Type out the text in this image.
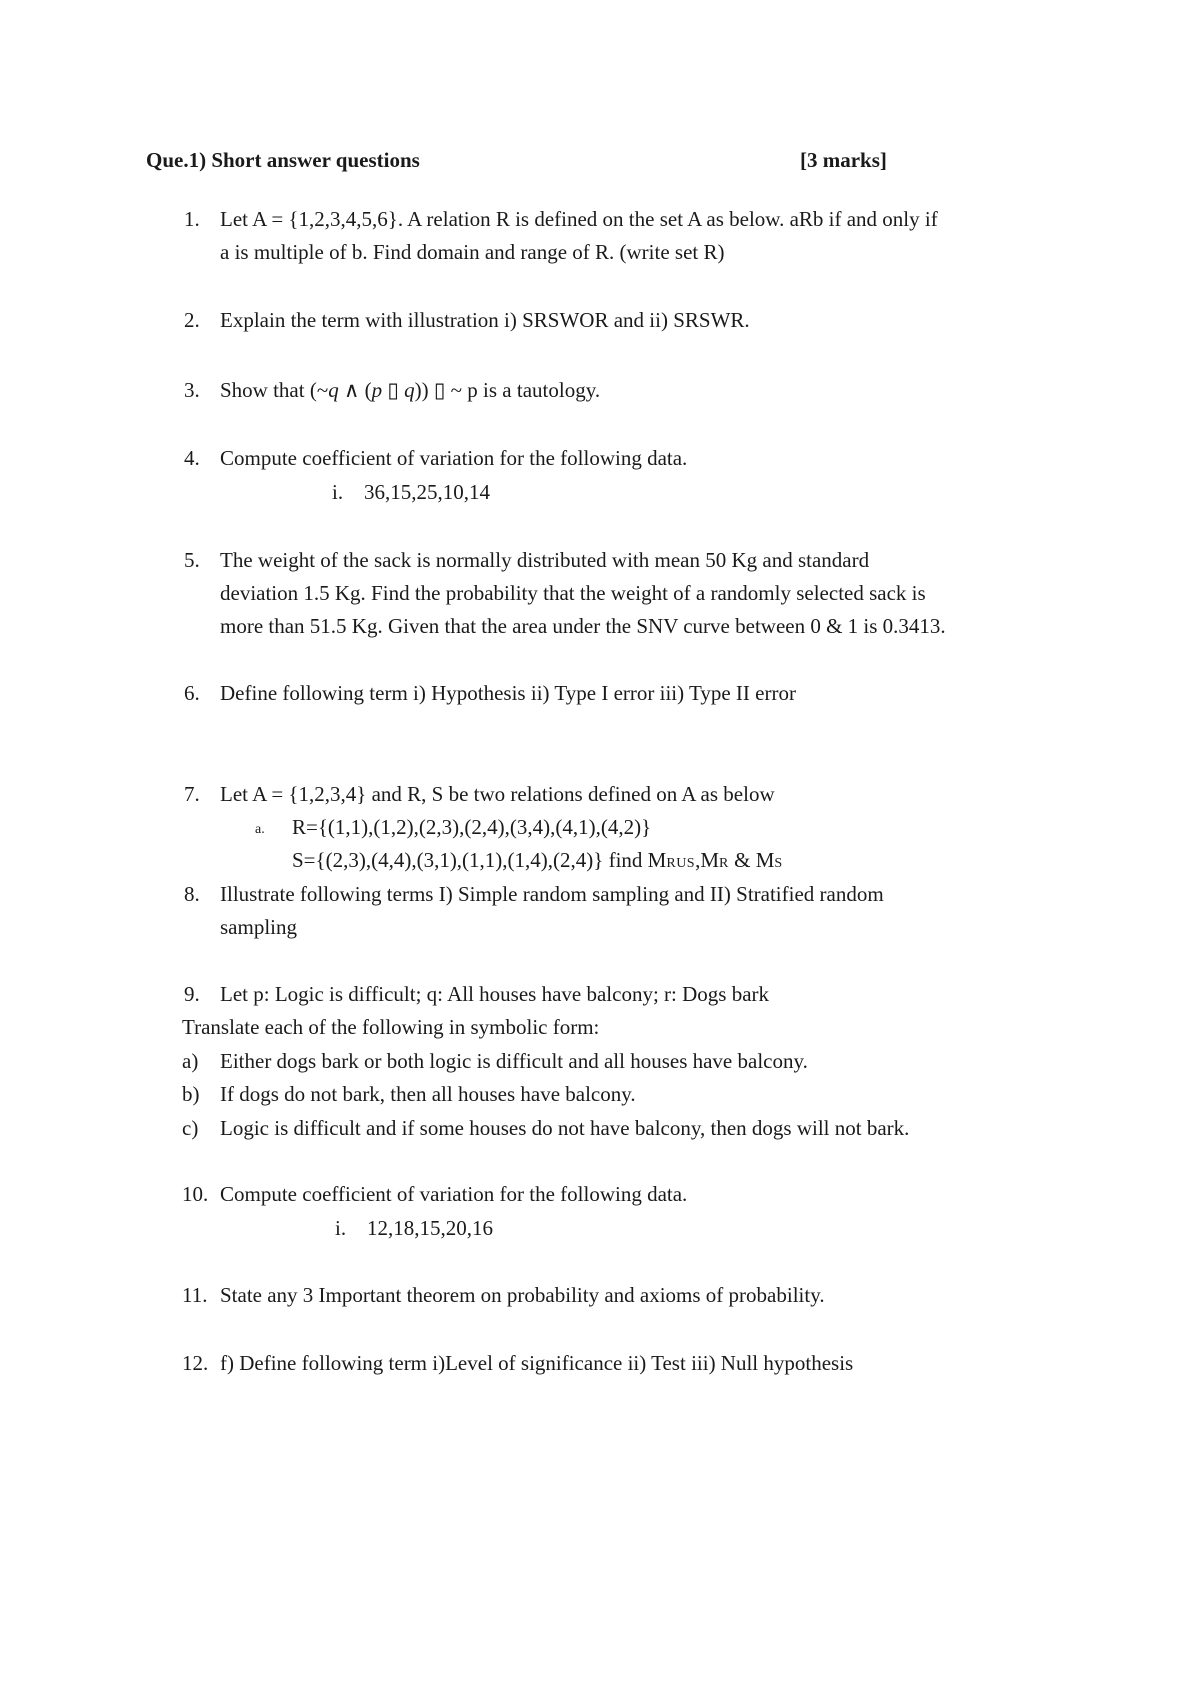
Que.1) Short answer questions	[3 marks]
1. Let A = {1,2,3,4,5,6}. A relation R is defined on the set A as below. aRb if and only if
a is multiple of b. Find domain and range of R. (write set R)
2. Explain the term with illustration i) SRSWOR and ii) SRSWR.
3. Show that (~q ∧ (p ▯ q)) ▯ ~ p is a tautology.
4. Compute coefficient of variation for the following data.
i. 36,15,25,10,14
5. The weight of the sack is normally distributed with mean 50 Kg and standard
deviation 1.5 Kg. Find the probability that the weight of a randomly selected sack is
more than 51.5 Kg. Given that the area under the SNV curve between 0 & 1 is 0.3413.
6. Define following term i) Hypothesis ii) Type I error iii) Type II error
7. Let A = {1,2,3,4} and R, S be two relations defined on A as below
a. R={(1,1),(1,2),(2,3),(2,4),(3,4),(4,1),(4,2)}
S={(2,3),(4,4),(3,1),(1,1),(1,4),(2,4)} find MRUS,MR & MS
8. Illustrate following terms I) Simple random sampling and II) Stratified random
sampling
9. Let p: Logic is difficult; q: All houses have balcony; r: Dogs bark
Translate each of the following in symbolic form:
a) Either dogs bark or both logic is difficult and all houses have balcony.
b) If dogs do not bark, then all houses have balcony.
c) Logic is difficult and if some houses do not have balcony, then dogs will not bark.
10. Compute coefficient of variation for the following data.
i. 12,18,15,20,16
11. State any 3 Important theorem on probability and axioms of probability.
12. f) Define following term i)Level of significance ii) Test iii) Null hypothesis
